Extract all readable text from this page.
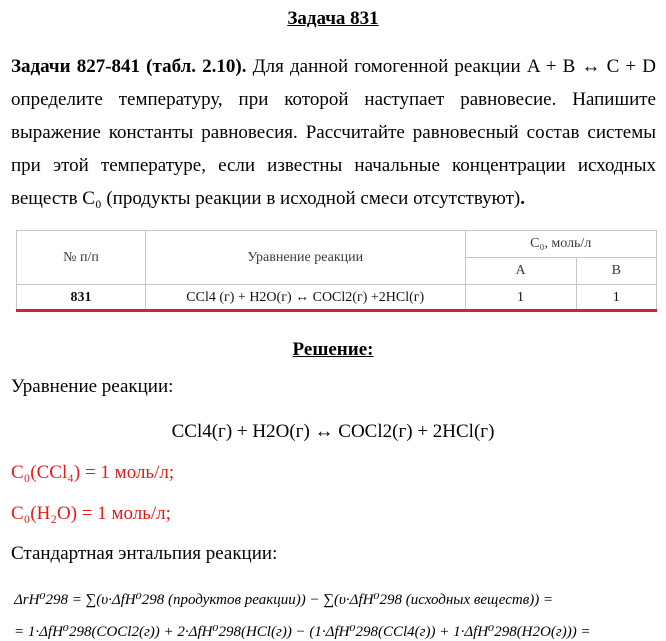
Задача 831
Задачи 827-841 (табл. 2.10). Для данной гомогенной реакции A + B ↔ C + D определите температуру, при которой наступает равновесие. Напишите выражение константы равновесия. Рассчитайте равновесный состав системы при этой температуре, если известны начальные концентрации исходных веществ C₀ (продукты реакции в исходной смеси отсутствуют).
№ п/п	Уравнение реакции	C₀, моль/л	
		A	B
831	CCl4 (г) + H2O(г) ↔ COCl2(г) +2HCl(г)	1	1
Решение:
Уравнение реакции:
CCl4(г) + H2O(г) ↔ COCl2(г) + 2HCl(г)
C₀(CCl₄) = 1 моль/л;
C₀(H₂O) = 1 моль/л;
Стандартная энтальпия реакции:
ΔrH⁰298 = ∑(υ·ΔfH⁰298 (продуктов реакции)) − ∑(υ·ΔfH⁰298 (исходных веществ)) =
= 1·ΔfH⁰298(COCl2(г)) + 2·ΔfH⁰298(HCl(г)) − (1·ΔfH⁰298(CCl4(г)) + 1·ΔfH⁰298(H2O(г))) =
